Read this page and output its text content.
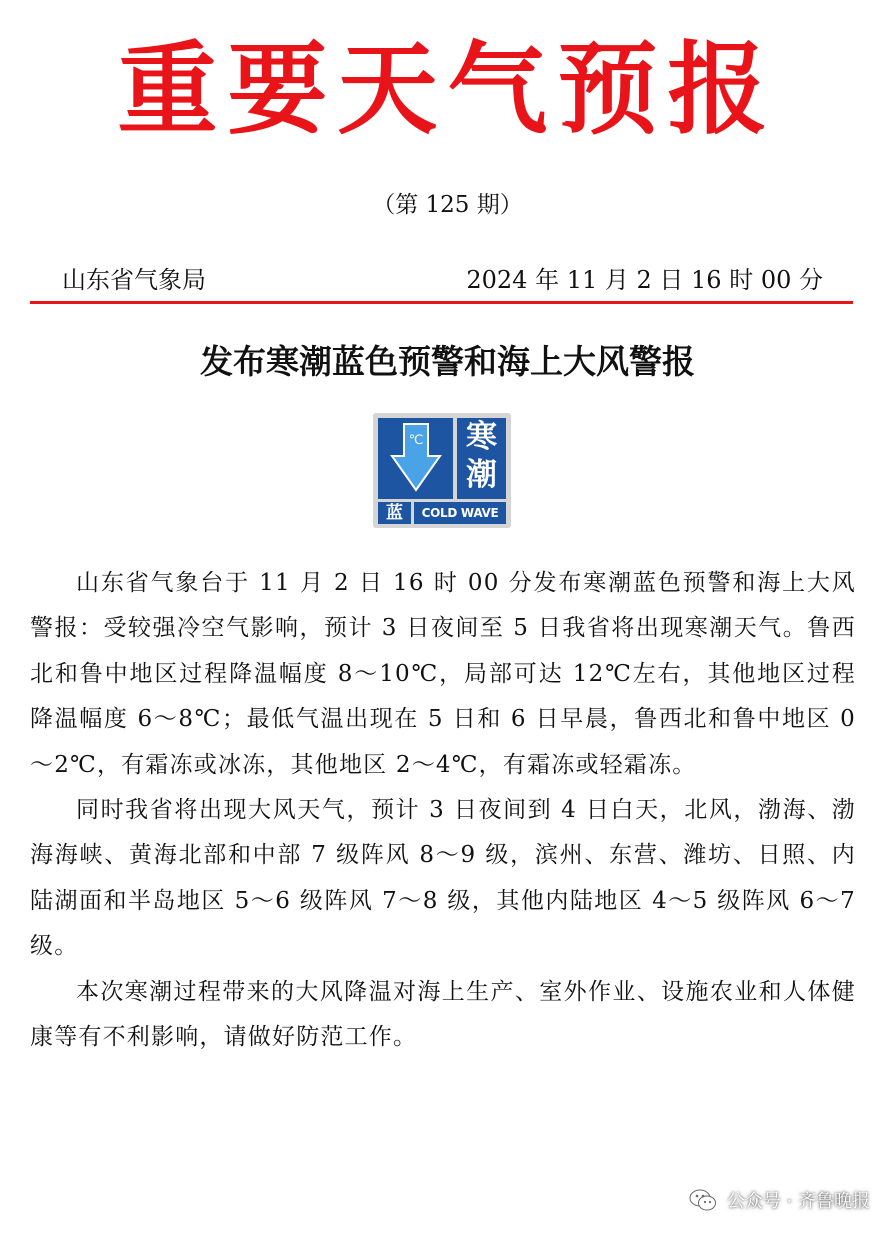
重要天气预报
（第 125 期）
山东省气象局	2024 年 11 月 2 日 16 时 00 分
发布寒潮蓝色预警和海上大风警报
℃ 寒
潮
蓝	COLD WAVE

山东省气象台于 11 月 2 日 16 时 00 分发布寒潮蓝色预警和海上大风警报：受较强冷空气影响，预计 3 日夜间至 5 日我省将出现寒潮天气。鲁西北和鲁中地区过程降温幅度 8～10℃，局部可达 12℃左右，其他地区过程降温幅度 6～8℃；最低气温出现在 5 日和 6 日早晨，鲁西北和鲁中地区 0～2℃，有霜冻或冰冻，其他地区 2～4℃，有霜冻或轻霜冻。

同时我省将出现大风天气，预计 3 日夜间到 4 日白天，北风，渤海、渤海海峡、黄海北部和中部 7 级阵风 8～9 级，滨州、东营、潍坊、日照、内陆湖面和半岛地区 5～6 级阵风 7～8 级，其他内陆地区 4～5 级阵风 6～7 级。

本次寒潮过程带来的大风降温对海上生产、室外作业、设施农业和人体健康等有不利影响，请做好防范工作。

公众号 · 齐鲁晚报
